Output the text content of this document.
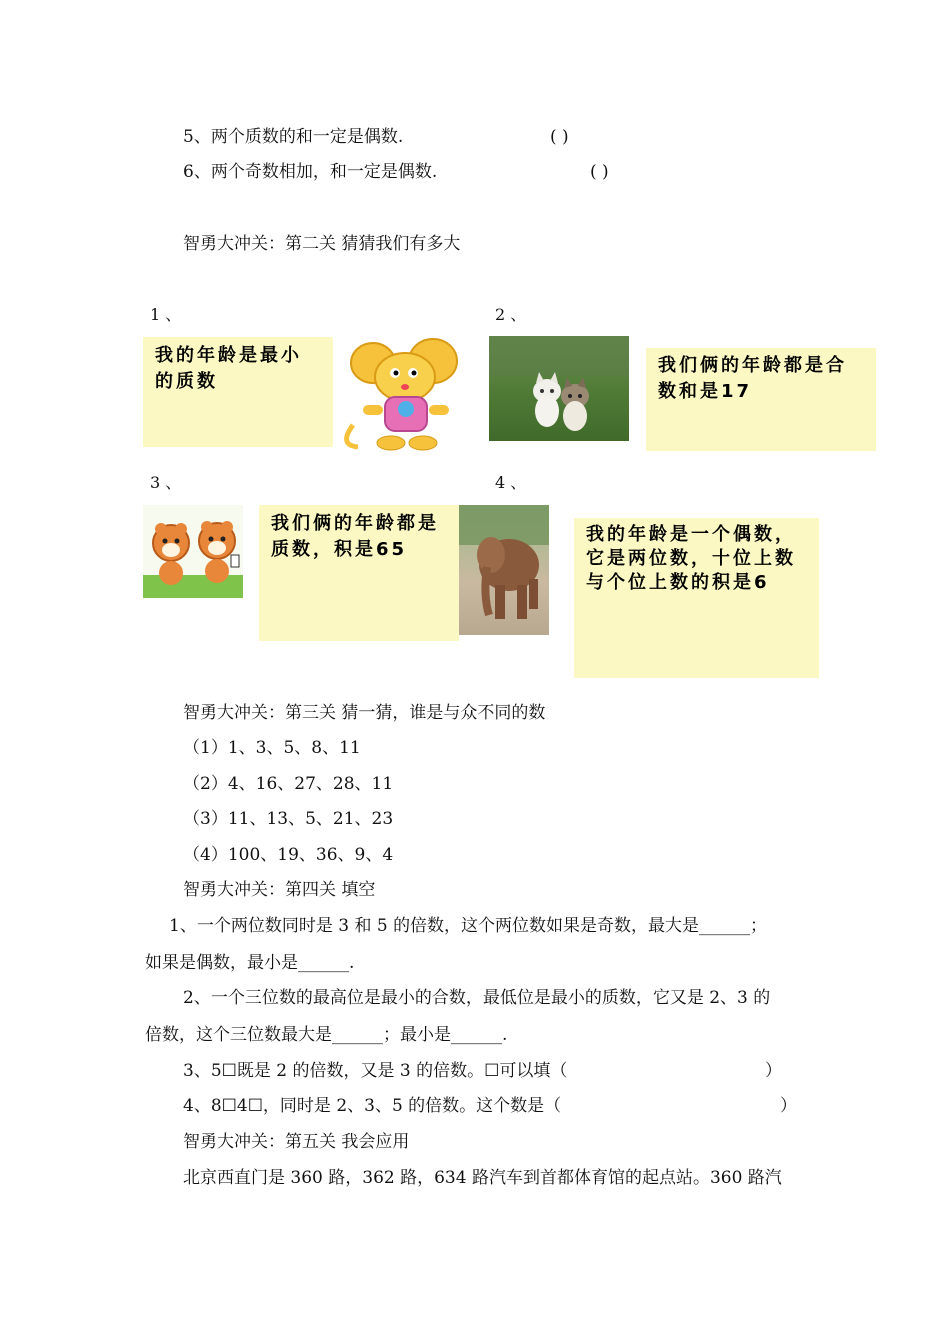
5、两个质数的和一定是偶数.	( )
6、两个奇数相加，和一定是偶数.	( )
智勇大冲关：第二关 猜猜我们有多大
1 、	2 、
我的年龄是最小的质数
我们俩的年龄都是合数和是17
3 、	4 、
我们俩的年龄都是质数，积是65
我的年龄是一个偶数，它是两位数，十位上数与个位上数的积是6
智勇大冲关：第三关 猜一猜，谁是与众不同的数
（1）1、3、5、8、11
（2）4、16、27、28、11
（3）11、13、5、21、23
（4）100、19、36、9、4
智勇大冲关：第四关 填空
1、一个两位数同时是 3 和 5 的倍数，这个两位数如果是奇数，最大是______；
如果是偶数，最小是______.
2、一个三位数的最高位是最小的合数，最低位是最小的质数，它又是 2、3 的
倍数，这个三位数最大是______；最小是______.
3、5☐既是 2 的倍数，又是 3 的倍数。☐可以填（	）
4、8☐4☐，同时是 2、3、5 的倍数。这个数是（	）
智勇大冲关：第五关 我会应用
北京西直门是 360 路，362 路，634 路汽车到首都体育馆的起点站。360 路汽
